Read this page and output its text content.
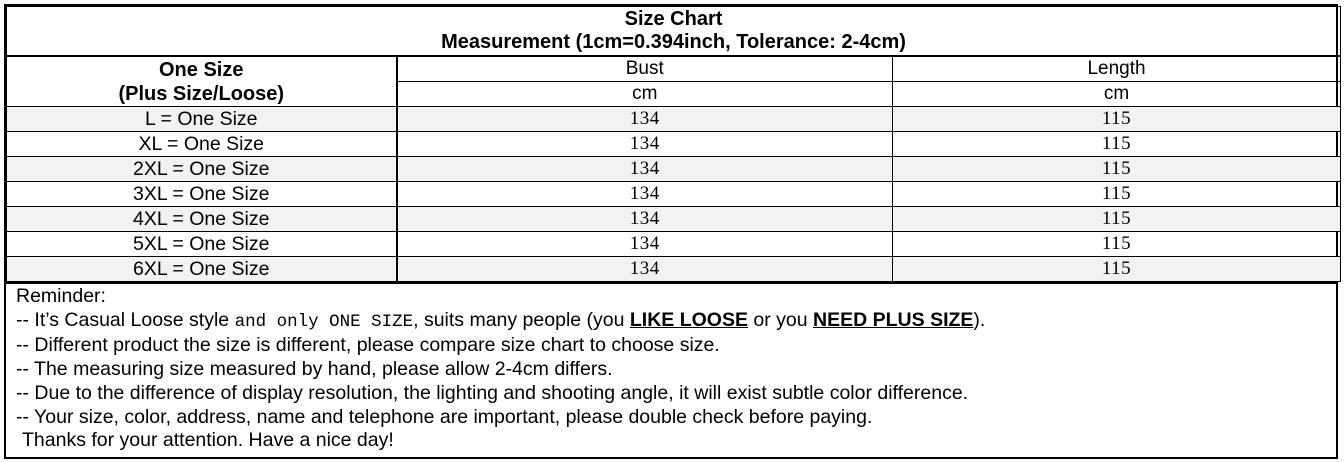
Size Chart
Measurement (1cm=0.394inch, Tolerance: 2-4cm)		

One Size
(Plus Size/Loose)	Bust	Length
	cm	cm
L = One Size	134	115
XL = One Size	134	115
2XL = One Size	134	115
3XL = One Size	134	115
4XL = One Size	134	115
5XL = One Size	134	115
6XL = One Size	134	115
Reminder:
-- It’s Casual Loose style and only ONE SIZE, suits many people (you LIKE LOOSE or you NEED PLUS SIZE).
-- Different product the size is different, please compare size chart to choose size.
-- The measuring size measured by hand, please allow 2-4cm differs.
-- Due to the difference of display resolution, the lighting and shooting angle, it will exist subtle color difference.
-- Your size, color, address, name and telephone are important, please double check before paying.
Thanks for your attention. Have a nice day!
